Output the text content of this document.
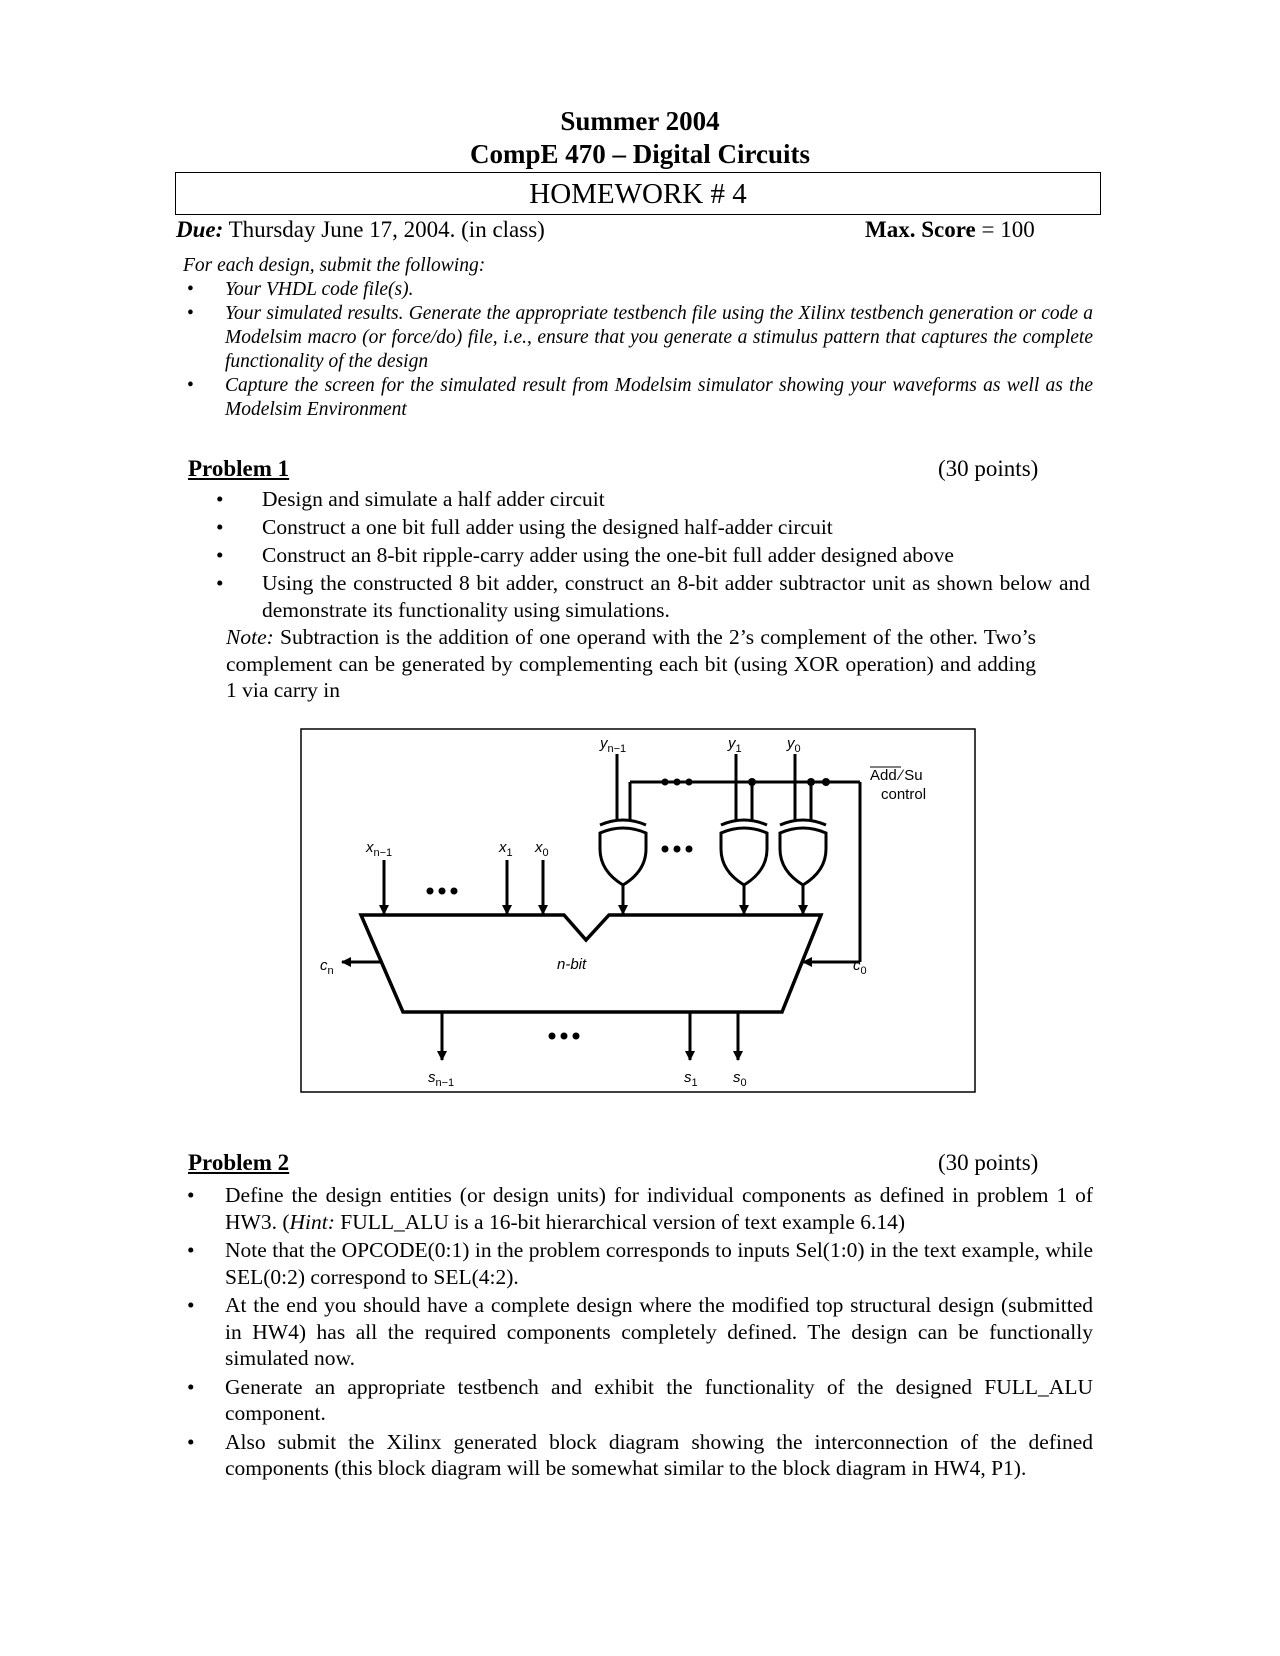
Summer 2004
CompE 470 – Digital Circuits
HOMEWORK # 4
Due: Thursday June 17, 2004. (in class)	Max. Score = 100
For each design, submit the following:
• Your VHDL code file(s).
• Your simulated results. Generate the appropriate testbench file using the Xilinx testbench generation or code a Modelsim macro (or force/do) file, i.e., ensure that you generate a stimulus pattern that captures the complete functionality of the design
• Capture the screen for the simulated result from Modelsim simulator showing your waveforms as well as the Modelsim Environment
Problem 1	(30 points)
• Design and simulate a half adder circuit
• Construct a one bit full adder using the designed half-adder circuit
• Construct an 8-bit ripple-carry adder using the one-bit full adder designed above
• Using the constructed 8 bit adder, construct an 8-bit adder subtractor unit as shown below and demonstrate its functionality using simulations.
Note: Subtraction is the addition of one operand with the 2’s complement of the other. Two’s complement can be generated by complementing each bit (using XOR operation) and adding 1 via carry in
$y_{n-1}$	$y_1$	$y_0$
$x_{n-1}$	$x_1$ $x_0$
Add ∕ Su
control
$c_n$	$c_0$
n-bit
$s_{n-1}$	$s_1$ $s_0$
Problem 2	(30 points)
• Define the design entities (or design units) for individual components as defined in problem 1 of HW3. (Hint: FULL_ALU is a 16-bit hierarchical version of text example 6.14)
• Note that the OPCODE(0:1) in the problem corresponds to inputs Sel(1:0) in the text example, while SEL(0:2) correspond to SEL(4:2).
• At the end you should have a complete design where the modified top structural design (submitted in HW4) has all the required components completely defined. The design can be functionally simulated now.
• Generate an appropriate testbench and exhibit the functionality of the designed FULL_ALU component.
• Also submit the Xilinx generated block diagram showing the interconnection of the defined components (this block diagram will be somewhat similar to the block diagram in HW4, P1).
